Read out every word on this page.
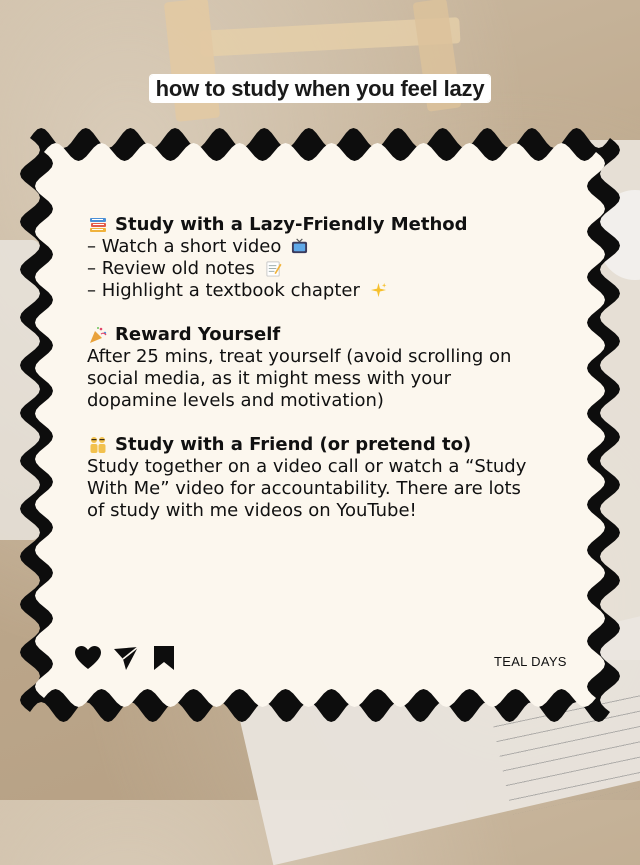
how to study when you feel lazy
Study with a Lazy-Friendly Method
– Watch a short video
– Review old notes
– Highlight a textbook chapter
Reward Yourself
After 25 mins, treat yourself (avoid scrolling on social media, as it might mess with your dopamine levels and motivation)
Study with a Friend (or pretend to)
Study together on a video call or watch a “Study With Me” video for accountability. There are lots of study with me videos on YouTube!
TEAL DAYS
